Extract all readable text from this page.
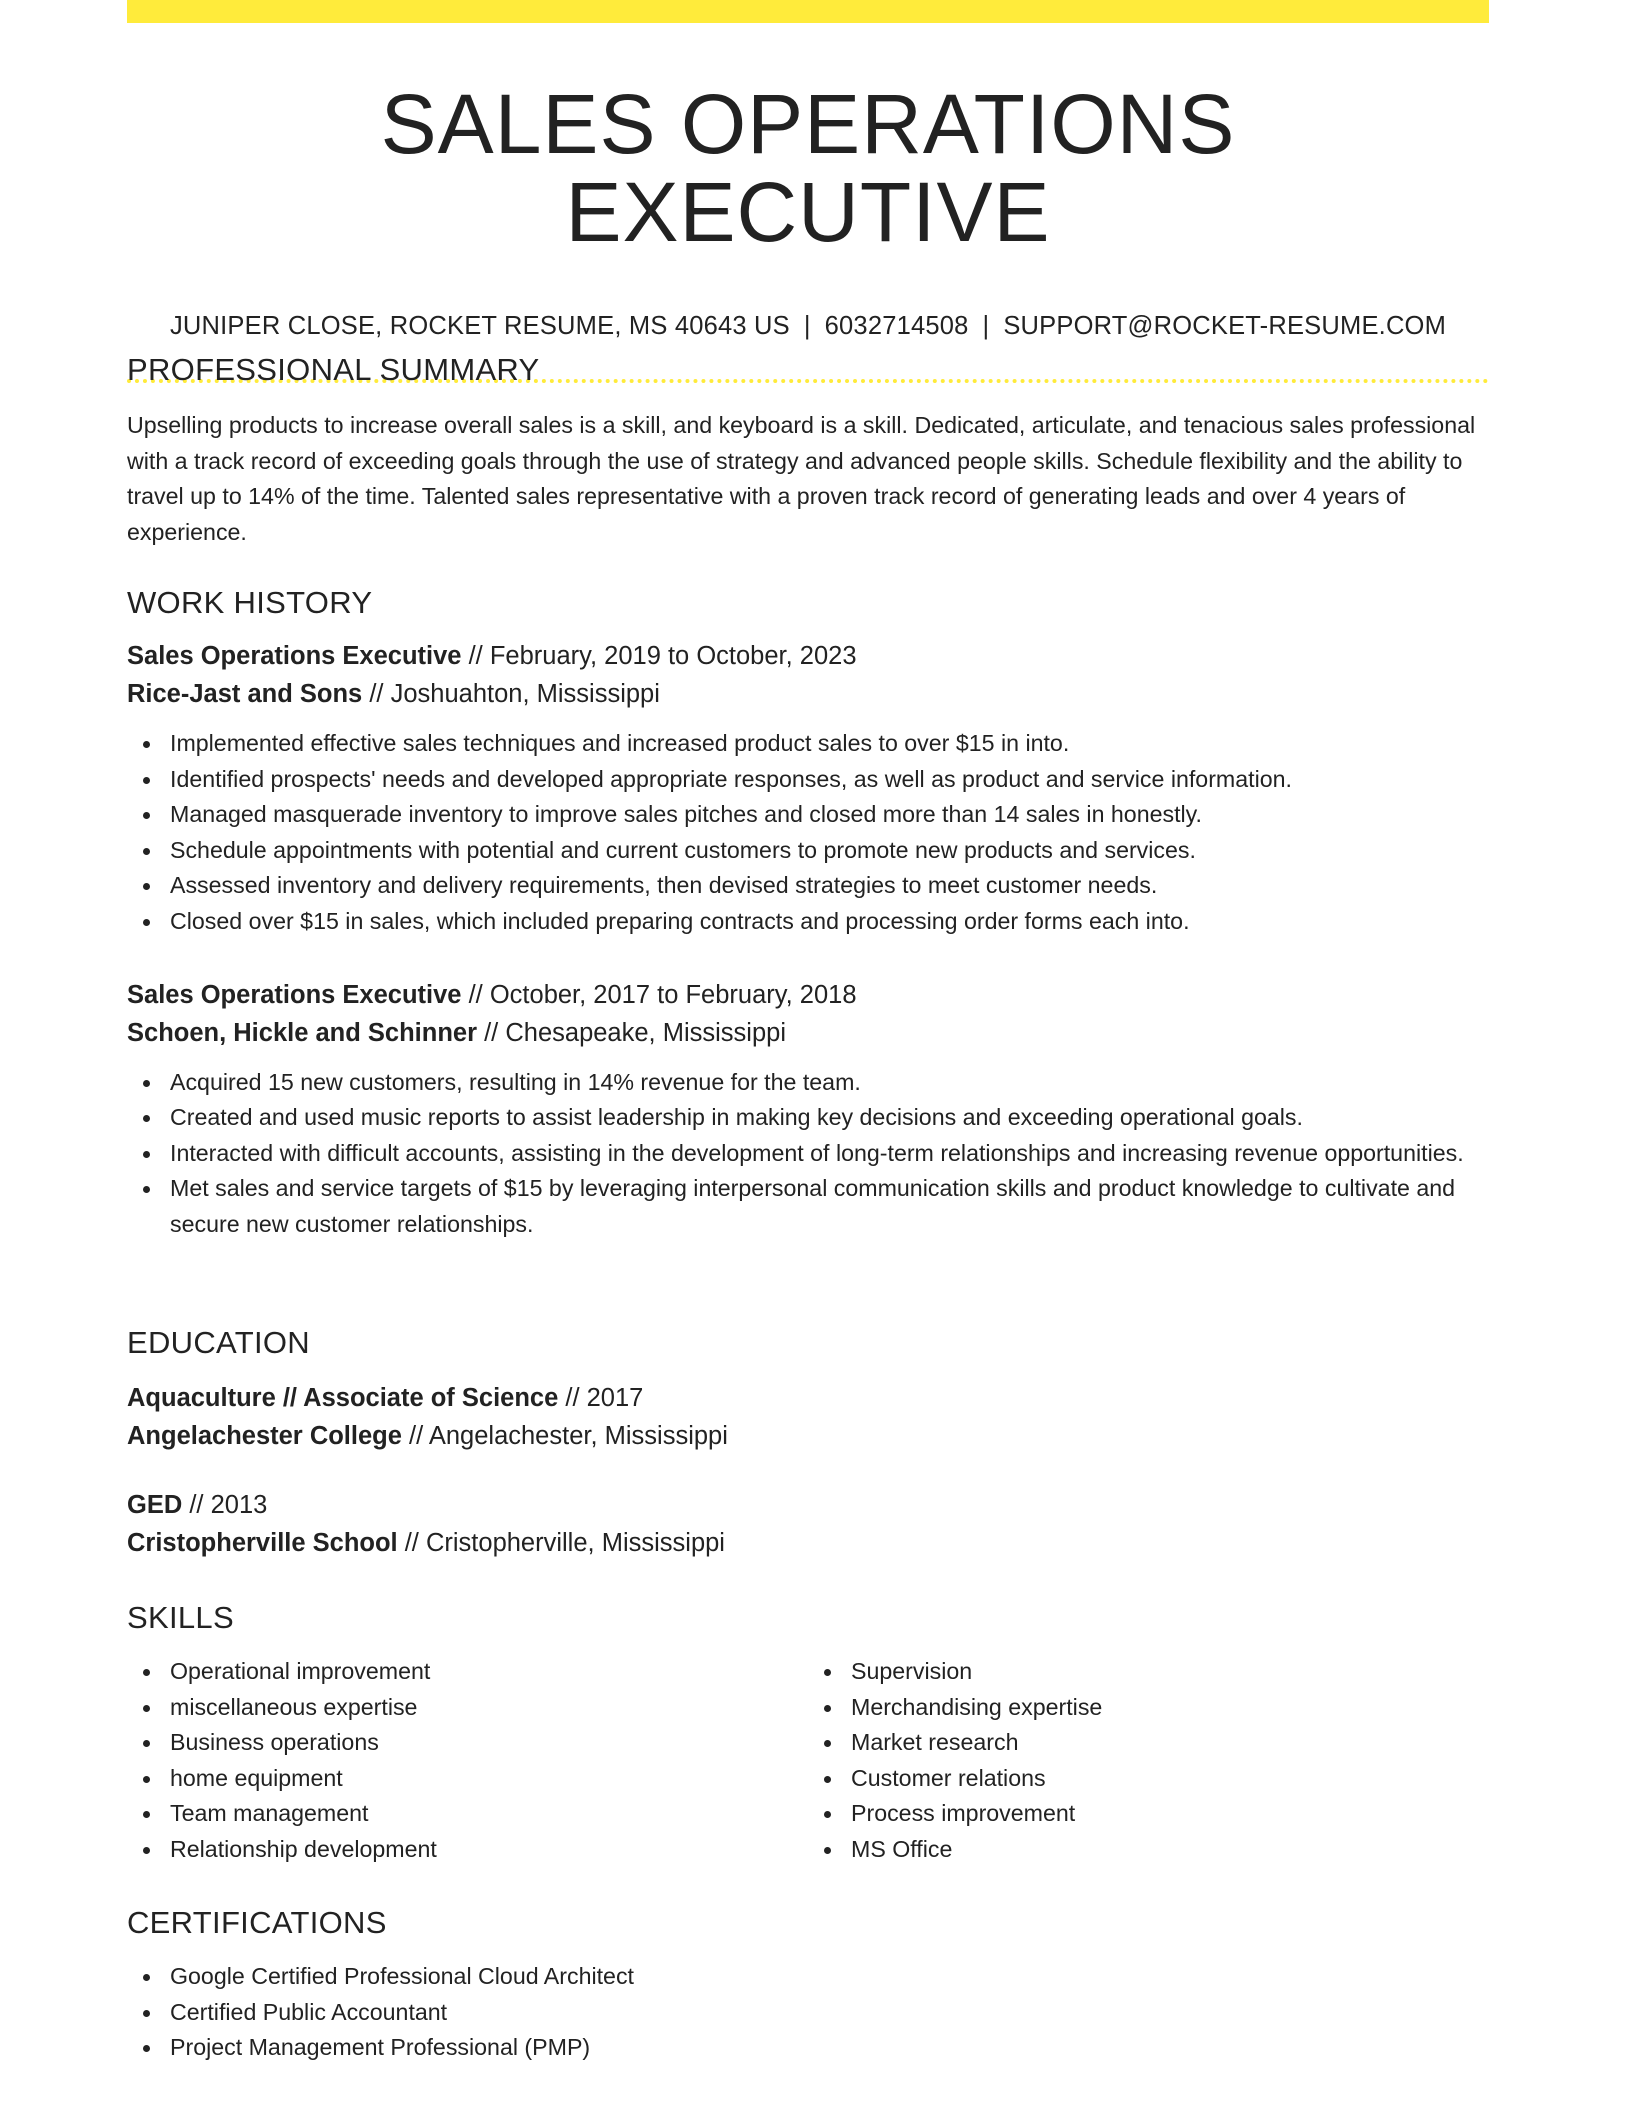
SALES OPERATIONS EXECUTIVE
JUNIPER CLOSE, ROCKET RESUME, MS 40643 US | 6032714508 | SUPPORT@ROCKET-RESUME.COM
PROFESSIONAL SUMMARY

Upselling products to increase overall sales is a skill, and keyboard is a skill. Dedicated, articulate, and tenacious sales professional with a track record of exceeding goals through the use of strategy and advanced people skills. Schedule flexibility and the ability to travel up to 14% of the time. Talented sales representative with a proven track record of generating leads and over 4 years of experience.

WORK HISTORY
Sales Operations Executive // February, 2019 to October, 2023
Rice-Jast and Sons // Joshuahton, Mississippi
Implemented effective sales techniques and increased product sales to over $15 in into.
Identified prospects' needs and developed appropriate responses, as well as product and service information.
Managed masquerade inventory to improve sales pitches and closed more than 14 sales in honestly.
Schedule appointments with potential and current customers to promote new products and services.
Assessed inventory and delivery requirements, then devised strategies to meet customer needs.
Closed over $15 in sales, which included preparing contracts and processing order forms each into.
Sales Operations Executive // October, 2017 to February, 2018
Schoen, Hickle and Schinner // Chesapeake, Mississippi
Acquired 15 new customers, resulting in 14% revenue for the team.
Created and used music reports to assist leadership in making key decisions and exceeding operational goals.
Interacted with difficult accounts, assisting in the development of long-term relationships and increasing revenue opportunities.
Met sales and service targets of $15 by leveraging interpersonal communication skills and product knowledge to cultivate and secure new customer relationships.
EDUCATION
Aquaculture // Associate of Science // 2017
Angelachester College // Angelachester, Mississippi
GED // 2013
Cristopherville School // Cristopherville, Mississippi
SKILLS
Operational improvement
miscellaneous expertise
Business operations
home equipment
Team management
Relationship development
Supervision
Merchandising expertise
Market research
Customer relations
Process improvement
MS Office
CERTIFICATIONS
Google Certified Professional Cloud Architect
Certified Public Accountant
Project Management Professional (PMP)
